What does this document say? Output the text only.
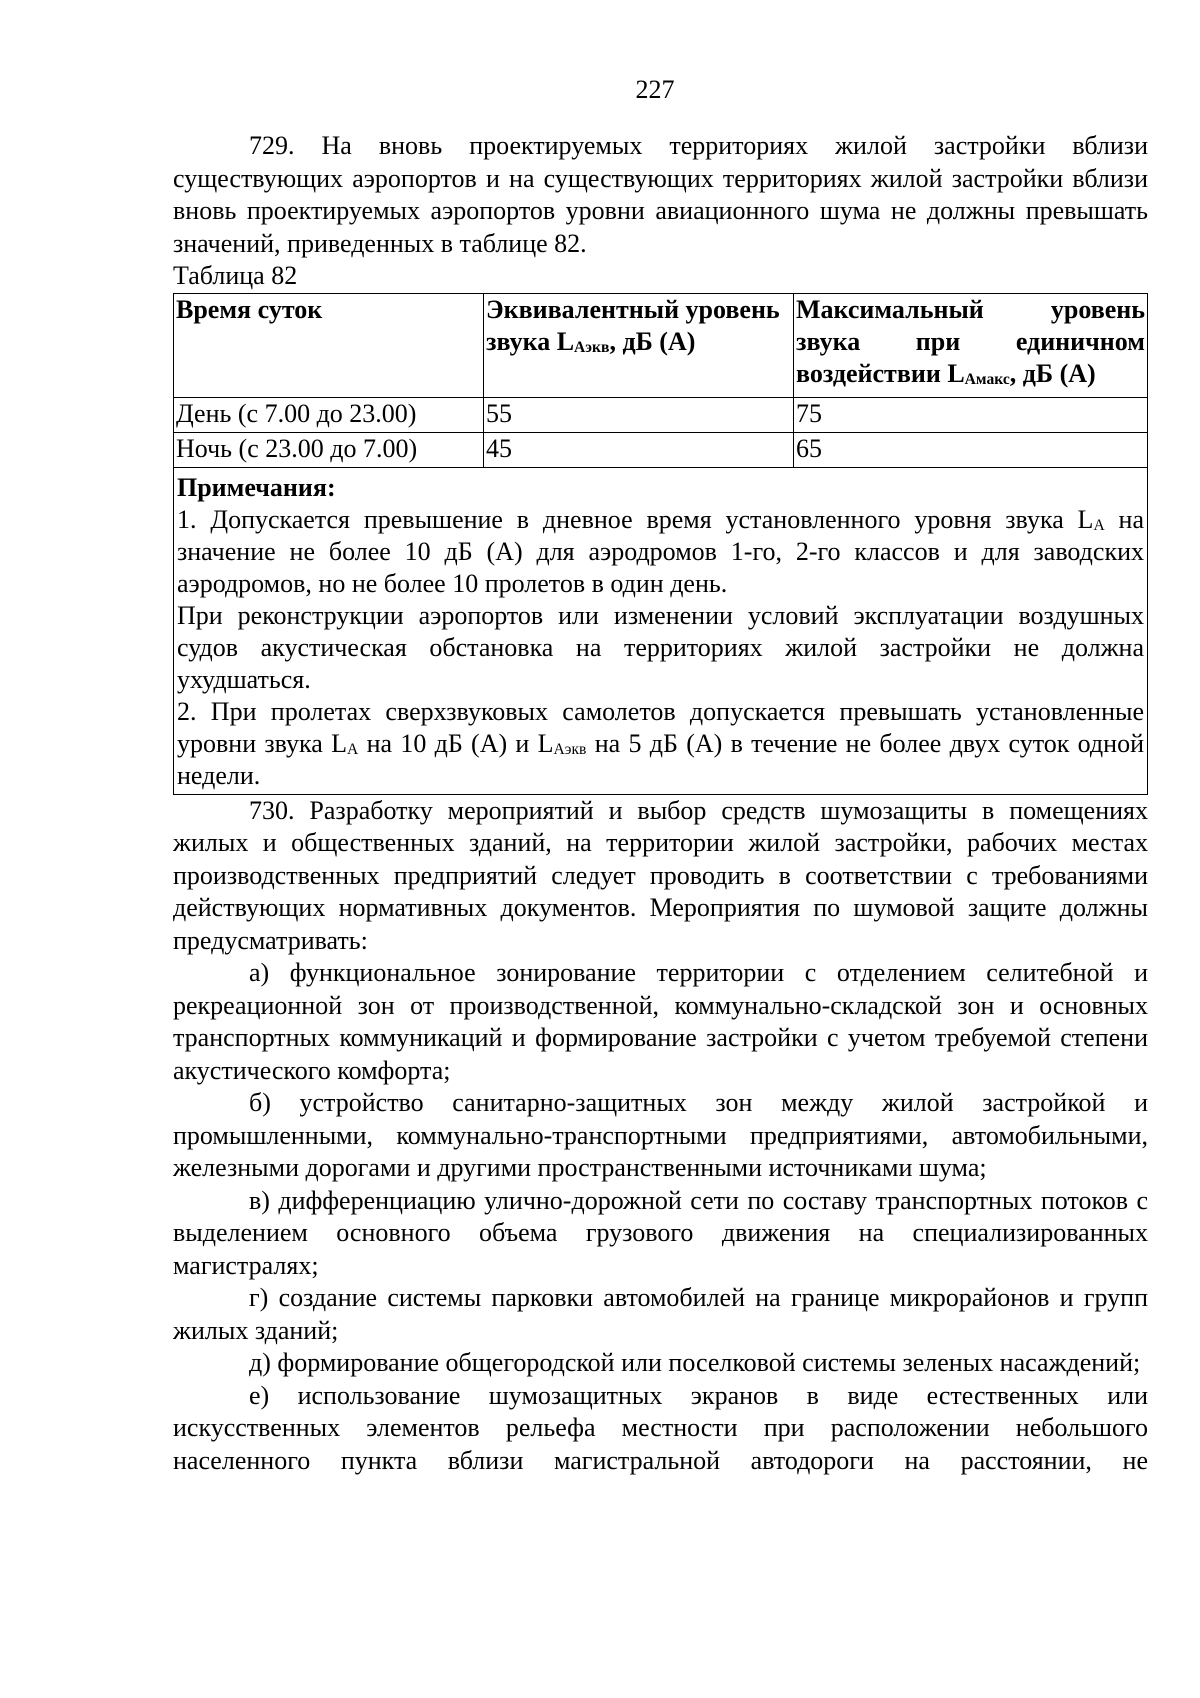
227

729. На вновь проектируемых территориях жилой застройки вблизи существующих аэропортов и на существующих территориях жилой застройки вблизи вновь проектируемых аэропортов уровни авиационного шума не должны превышать значений, приведенных в таблице 82.

Таблица 82

Время суток	Эквивалентный уровень звука $L_{Аэкв}$, дБ (А)	Максимальный уровень звука при единичном воздействии $L_{Амакс}$, дБ (А)
День (с 7.00 до 23.00)	55	75
Ночь (с 23.00 до 7.00)	45	65

Примечания:

1. Допускается превышение в дневное время установленного уровня звука $L_А$ на значение не более 10 дБ (А) для аэродромов 1-го, 2-го классов и для заводских аэродромов, но не более 10 пролетов в один день.

При реконструкции аэропортов или изменении условий эксплуатации воздушных судов акустическая обстановка на территориях жилой застройки не должна ухудшаться.

2. При пролетах сверхзвуковых самолетов допускается превышать установленные уровни звука $L_А$ на 10 дБ (А) и $L_{Аэкв}$ на 5 дБ (А) в течение не более двух суток одной недели.		

730. Разработку мероприятий и выбор средств шумозащиты в помещениях жилых и общественных зданий, на территории жилой застройки, рабочих местах производственных предприятий следует проводить в соответствии с требованиями действующих нормативных документов. Мероприятия по шумовой защите должны предусматривать:

а) функциональное зонирование территории с отделением селитебной и рекреационной зон от производственной, коммунально-складской зон и основных транспортных коммуникаций и формирование застройки с учетом требуемой степени акустического комфорта;

б) устройство санитарно-защитных зон между жилой застройкой и промышленными, коммунально-транспортными предприятиями, автомобильными, железными дорогами и другими пространственными источниками шума;

в) дифференциацию улично-дорожной сети по составу транспортных потоков с выделением основного объема грузового движения на специализированных магистралях;

г) создание системы парковки автомобилей на границе микрорайонов и групп жилых зданий;

д) формирование общегородской или поселковой системы зеленых насаждений;

е) использование шумозащитных экранов в виде естественных или искусственных элементов рельефа местности при расположении небольшого населенного пункта вблизи магистральной автодороги на расстоянии, не
